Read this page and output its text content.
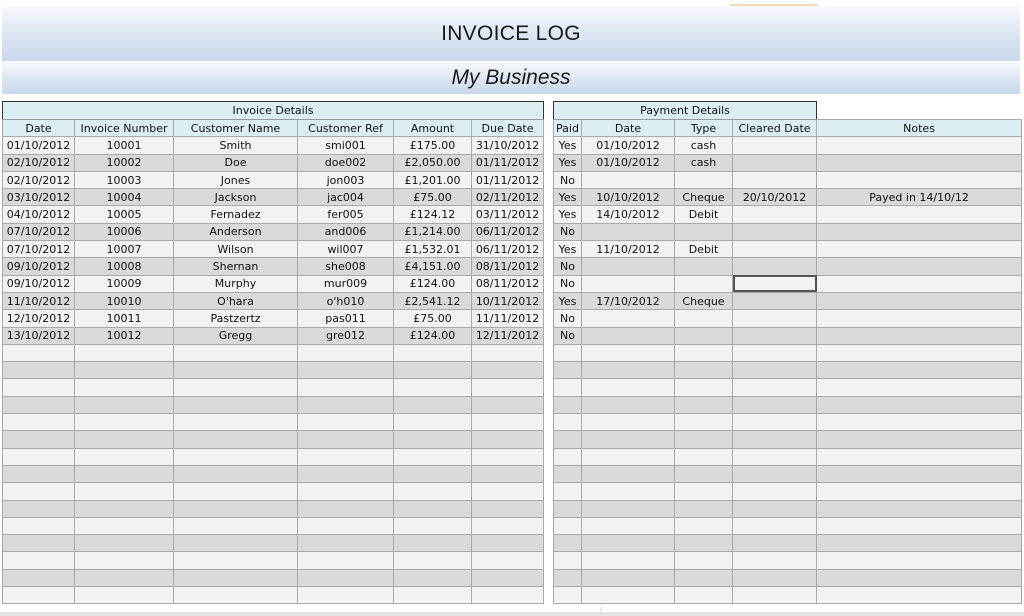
INVOICE LOG
My Business
Invoice Details					
Date	Invoice Number	Customer Name	Customer Ref	Amount	Due Date
01/10/2012	10001	Smith	smi001	£175.00	31/10/2012
02/10/2012	10002	Doe	doe002	£2,050.00	01/11/2012
02/10/2012	10003	Jones	jon003	£1,201.00	01/11/2012
03/10/2012	10004	Jackson	jac004	£75.00	02/11/2012
04/10/2012	10005	Fernadez	fer005	£124.12	03/11/2012
07/10/2012	10006	Anderson	and006	£1,214.00	06/11/2012
07/10/2012	10007	Wilson	wil007	£1,532.01	06/11/2012
09/10/2012	10008	Shernan	she008	£4,151.00	08/11/2012
09/10/2012	10009	Murphy	mur009	£124.00	08/11/2012
11/10/2012	10010	O'hara	o'h010	£2,541.12	10/11/2012
12/10/2012	10011	Pastzertz	pas011	£75.00	11/11/2012
13/10/2012	10012	Gregg	gre012	£124.00	12/11/2012

Payment Details				
Paid	Date	Type	Cleared Date	Notes
Yes	01/10/2012	cash		
Yes	01/10/2012	cash		
No				
Yes	10/10/2012	Cheque	20/10/2012	Payed in 14/10/12
Yes	14/10/2012	Debit		
No				
Yes	11/10/2012	Debit		
No				
No				
Yes	17/10/2012	Cheque		
No				
No				
